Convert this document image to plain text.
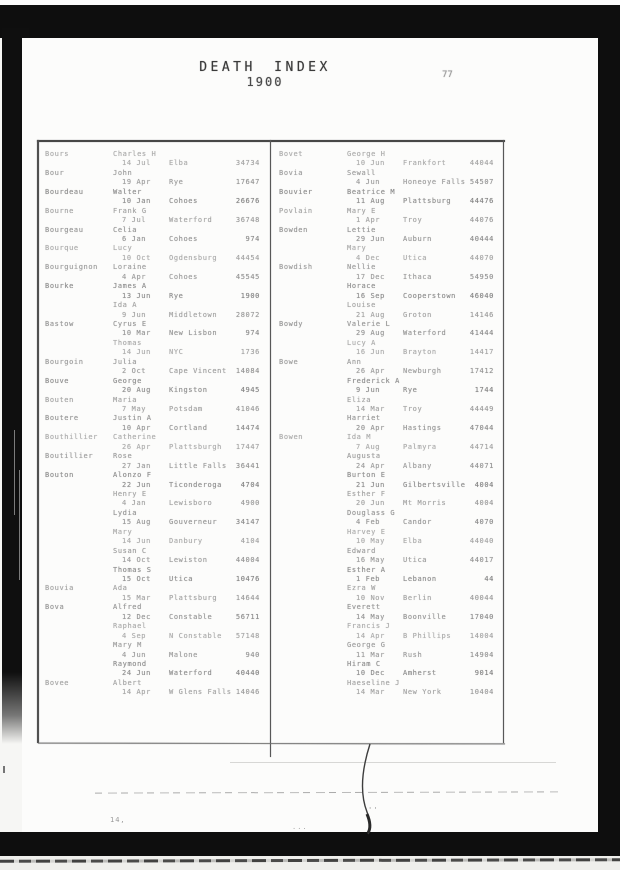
DEATH INDEX
1900	77
Bours	Charles H
14 Jul	Elba	34734
Bour	John
19 Apr	Rye	17647
Bourdeau	Walter
10 Jan	Cohoes	26676
Bourne	Frank G
7 Jul	Waterford	36748
Bourgeau	Celia
6 Jan	Cohoes	974
Bourque	Lucy
10 Oct	Ogdensburg	44454
Bourguignon Loraine
4 Apr	Cohoes	45545
Bourke	James A
13 Jun	Rye	1900
Ida A
9 Jun	Middletown	28072
Bastow	Cyrus E
10 Mar	New Lisbon	974
Thomas
14 Jun	NYC	1736
Bourgoin	Julia
2 Oct	Cape Vincent 14084
Bouve	George
20 Aug	Kingston	4945
Bouten	Maria
7 May	Potsdam	41046
Boutere	Justin A
10 Apr	Cortland	14474
Bouthillier Catherine
26 Apr	Plattsburgh 17447
Boutillier	Rose
27 Jan	Little Falls 36441
Bouton	Alonzo F
22 Jun	Ticonderoga	4704
Henry E
4 Jan	Lewisboro	4900
Lydia
15 Aug	Gouverneur	34147
Mary
14 Jun	Danbury	4104
Susan C
14 Oct	Lewiston	44004
Thomas S
15 Oct	Utica	10476
Bouvia	Ada
15 Mar	Plattsburg	14644
Bova	Alfred
12 Dec	Constable	56711
Raphael
4 Sep	N Constable 57148
Mary M
4 Jun	Malone	940
Raymond
24 Jun	Waterford	40440
Bovee	Albert
14 Apr	W Glens Falls 14046
Bovet	George H
10 Jun	Frankfort	44044
Bovia	Sewall
4 Jun	Honeoye Falls 54507
Bouvier	Beatrice M
11 Aug	Plattsburg	44476
Povlain	Mary E
1 Apr	Troy	44076
Bowden	Lettie
29 Jun	Auburn	40444
Mary
4 Dec	Utica	44070
Bowdish	Nellie
17 Dec	Ithaca	54950
Horace
16 Sep	Cooperstown 46040
Louise
21 Aug	Groton	14146
Bowdy	Valerie L
29 Aug	Waterford	41444
Lucy A
16 Jun	Brayton	14417
Bowe	Ann
26 Apr	Newburgh	17412
Frederick A
9 Jun	Rye	1744
Eliza
14 Mar	Troy	44449
Harriet
20 Apr	Hastings	47044
Bowen	Ida M
7 Aug	Palmyra	44714
Augusta
24 Apr	Albany	44071
Burton E
21 Jun	Gilbertsville 4004
Esther F
20 Jun	Mt Morris	4004
Douglass G
4 Feb	Candor	4070
Harvey E
10 May	Elba	44040
Edward
16 May	Utica	44017
Esther A
1 Feb	Lebanon	44
Ezra W
10 Nov	Berlin	40044
Everett
14 May	Boonville	17040
Francis J
14 Apr	B Phillips	14004
George G
11 Mar	Rush	14904
Hiram C
10 Dec	Amherst	9014
Haeseline J
14 Mar	New York	10404
14,
...
''
